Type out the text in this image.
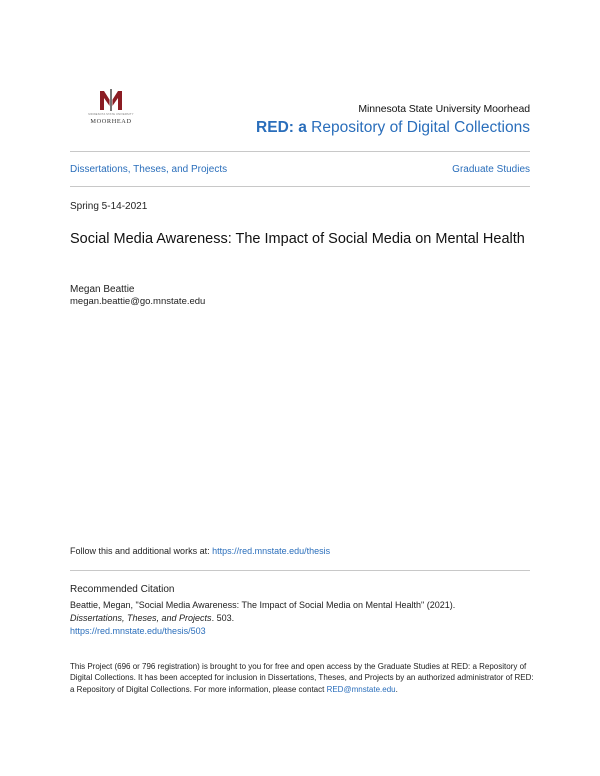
MINNESOTA STATE UNIVERSITY
MOORHEAD
Minnesota State University Moorhead
RED: a Repository of Digital Collections
Dissertations, Theses, and Projects	Graduate Studies
Spring 5-14-2021
Social Media Awareness: The Impact of Social Media on Mental Health
Megan Beattie
megan.beattie@go.mnstate.edu
Follow this and additional works at: https://red.mnstate.edu/thesis
Recommended Citation
Beattie, Megan, "Social Media Awareness: The Impact of Social Media on Mental Health" (2021).
Dissertations, Theses, and Projects. 503.
https://red.mnstate.edu/thesis/503
This Project (696 or 796 registration) is brought to you for free and open access by the Graduate Studies at RED: a Repository of Digital Collections. It has been accepted for inclusion in Dissertations, Theses, and Projects by an authorized administrator of RED: a Repository of Digital Collections. For more information, please contact RED@mnstate.edu.
